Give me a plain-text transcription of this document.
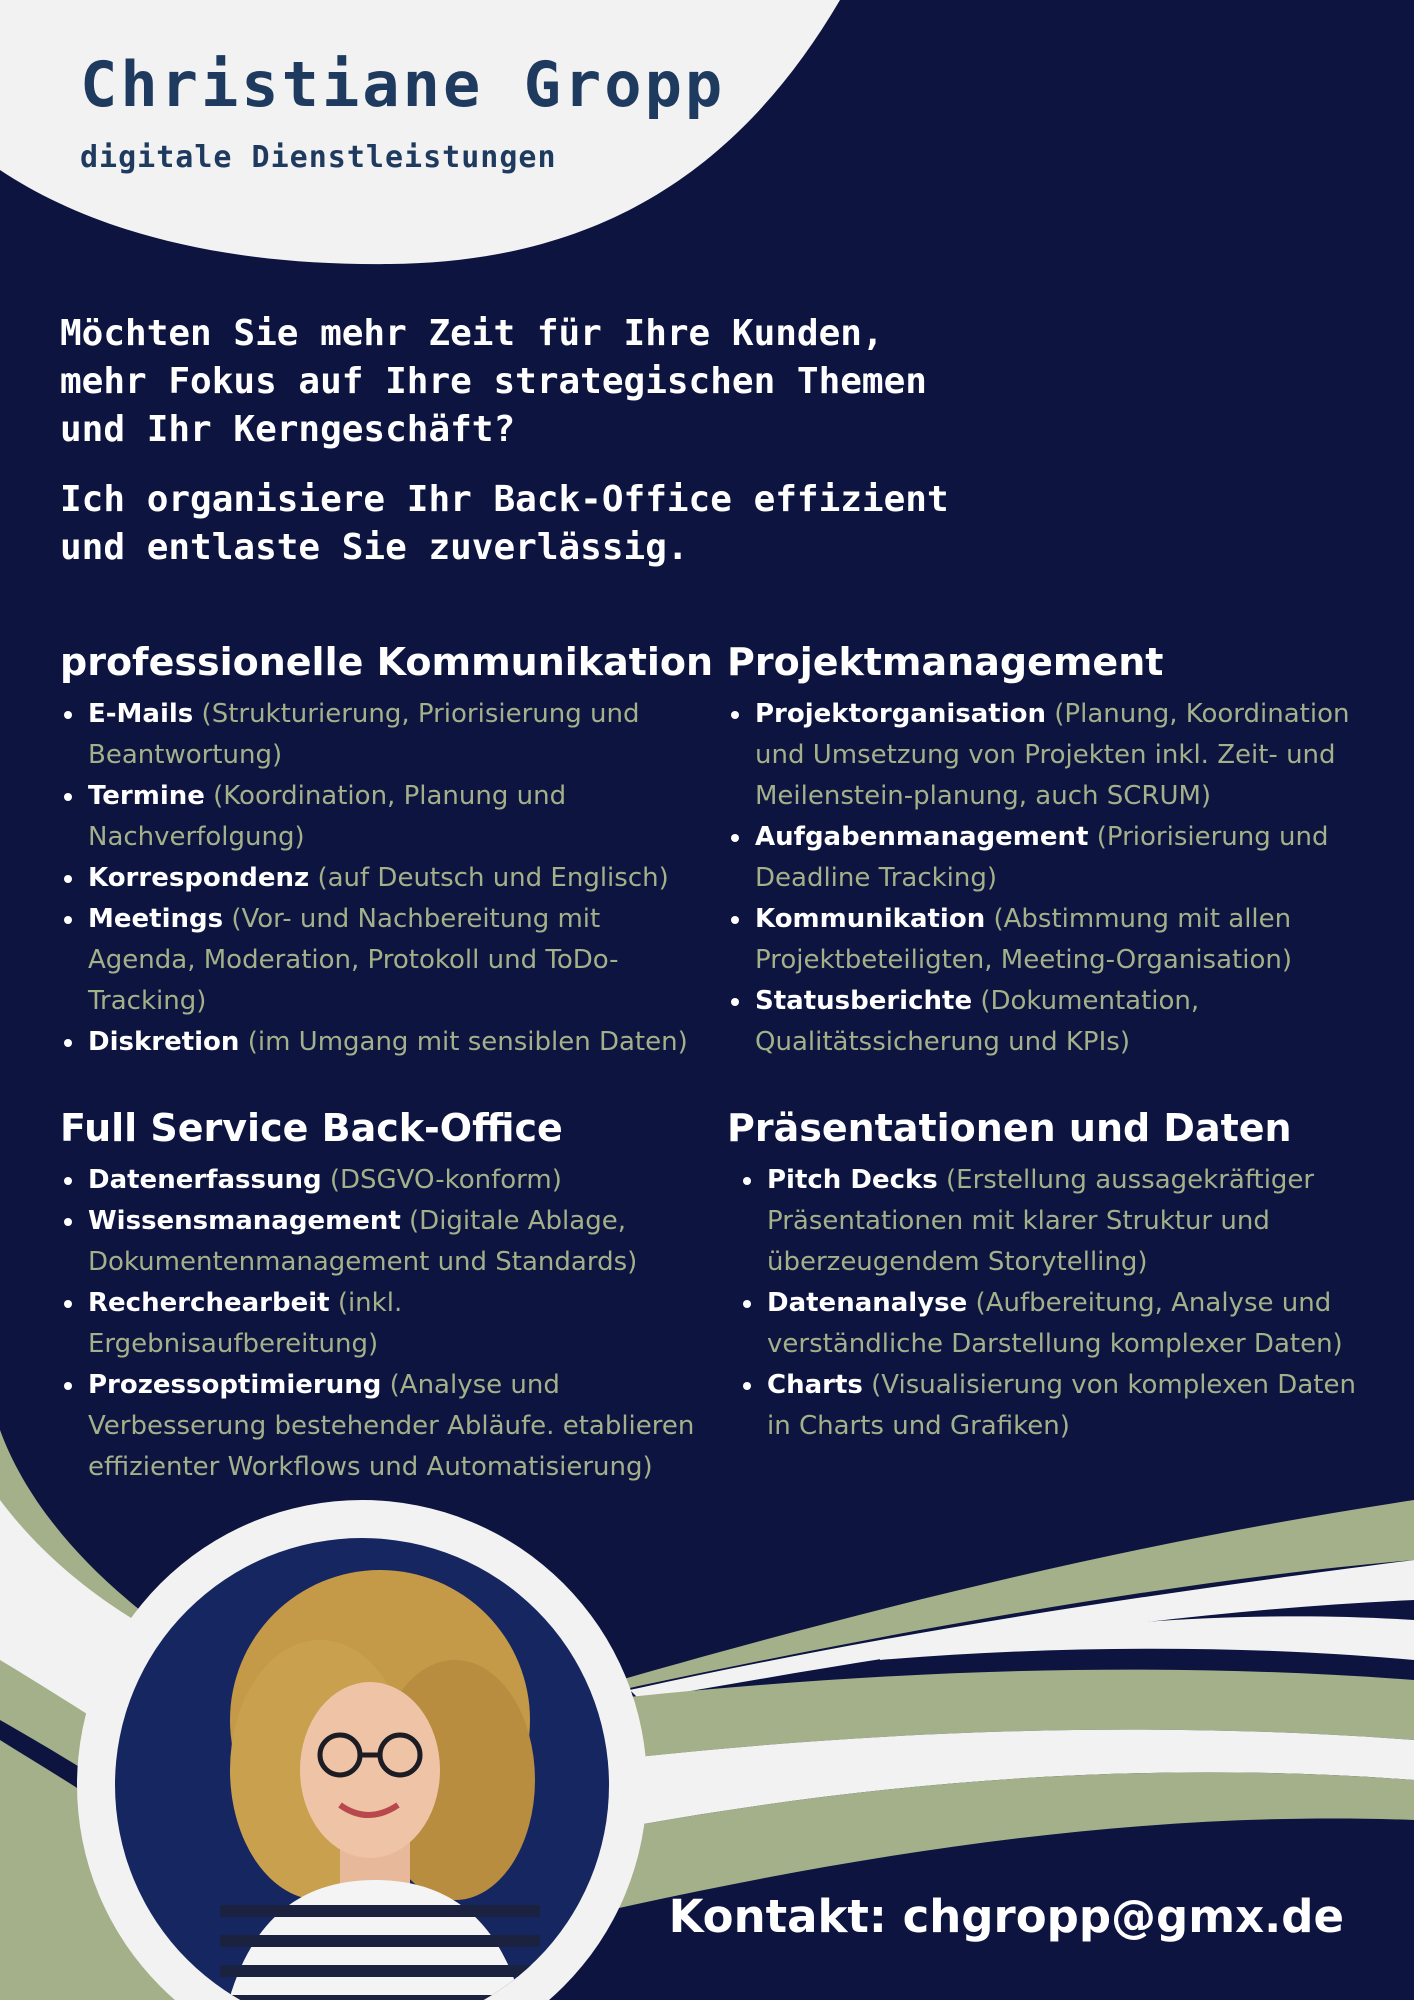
Christiane Gropp
digitale Dienstleistungen

Möchten Sie mehr Zeit für Ihre Kunden, mehr Fokus auf Ihre strategischen Themen und Ihr Kerngeschäft?

Ich organisiere Ihr Back-Office effizient und entlaste Sie zuverlässig.

professionelle Kommunikation
• E-Mails (Strukturierung, Priorisierung und Beantwortung)
• Termine (Koordination, Planung und Nachverfolgung)
• Korrespondenz (auf Deutsch und Englisch)
• Meetings (Vor- und Nachbereitung mit Agenda, Moderation, Protokoll und ToDo-Tracking)
• Diskretion (im Umgang mit sensiblen Daten)
Projektmanagement
• Projektorganisation (Planung, Koordination und Umsetzung von Projekten inkl. Zeit- und Meilenstein-planung, auch SCRUM)
• Aufgabenmanagement (Priorisierung und Deadline Tracking)
• Kommunikation (Abstimmung mit allen Projektbeteiligten, Meeting-Organisation)
• Statusberichte (Dokumentation, Qualitätssicherung und KPIs)
Full Service Back-Office
• Datenerfassung (DSGVO-konform)
• Wissensmanagement (Digitale Ablage, Dokumentenmanagement und Standards)
• Recherchearbeit (inkl. Ergebnisaufbereitung)
• Prozessoptimierung (Analyse und Verbesserung bestehender Abläufe. etablieren effizienter Workflows und Automatisierung)
Präsentationen und Daten
• Pitch Decks (Erstellung aussagekräftiger Präsentationen mit klarer Struktur und überzeugendem Storytelling)
• Datenanalyse (Aufbereitung, Analyse und verständliche Darstellung komplexer Daten)
• Charts (Visualisierung von komplexen Daten in Charts und Grafiken)
Kontakt: chgropp@gmx.de
